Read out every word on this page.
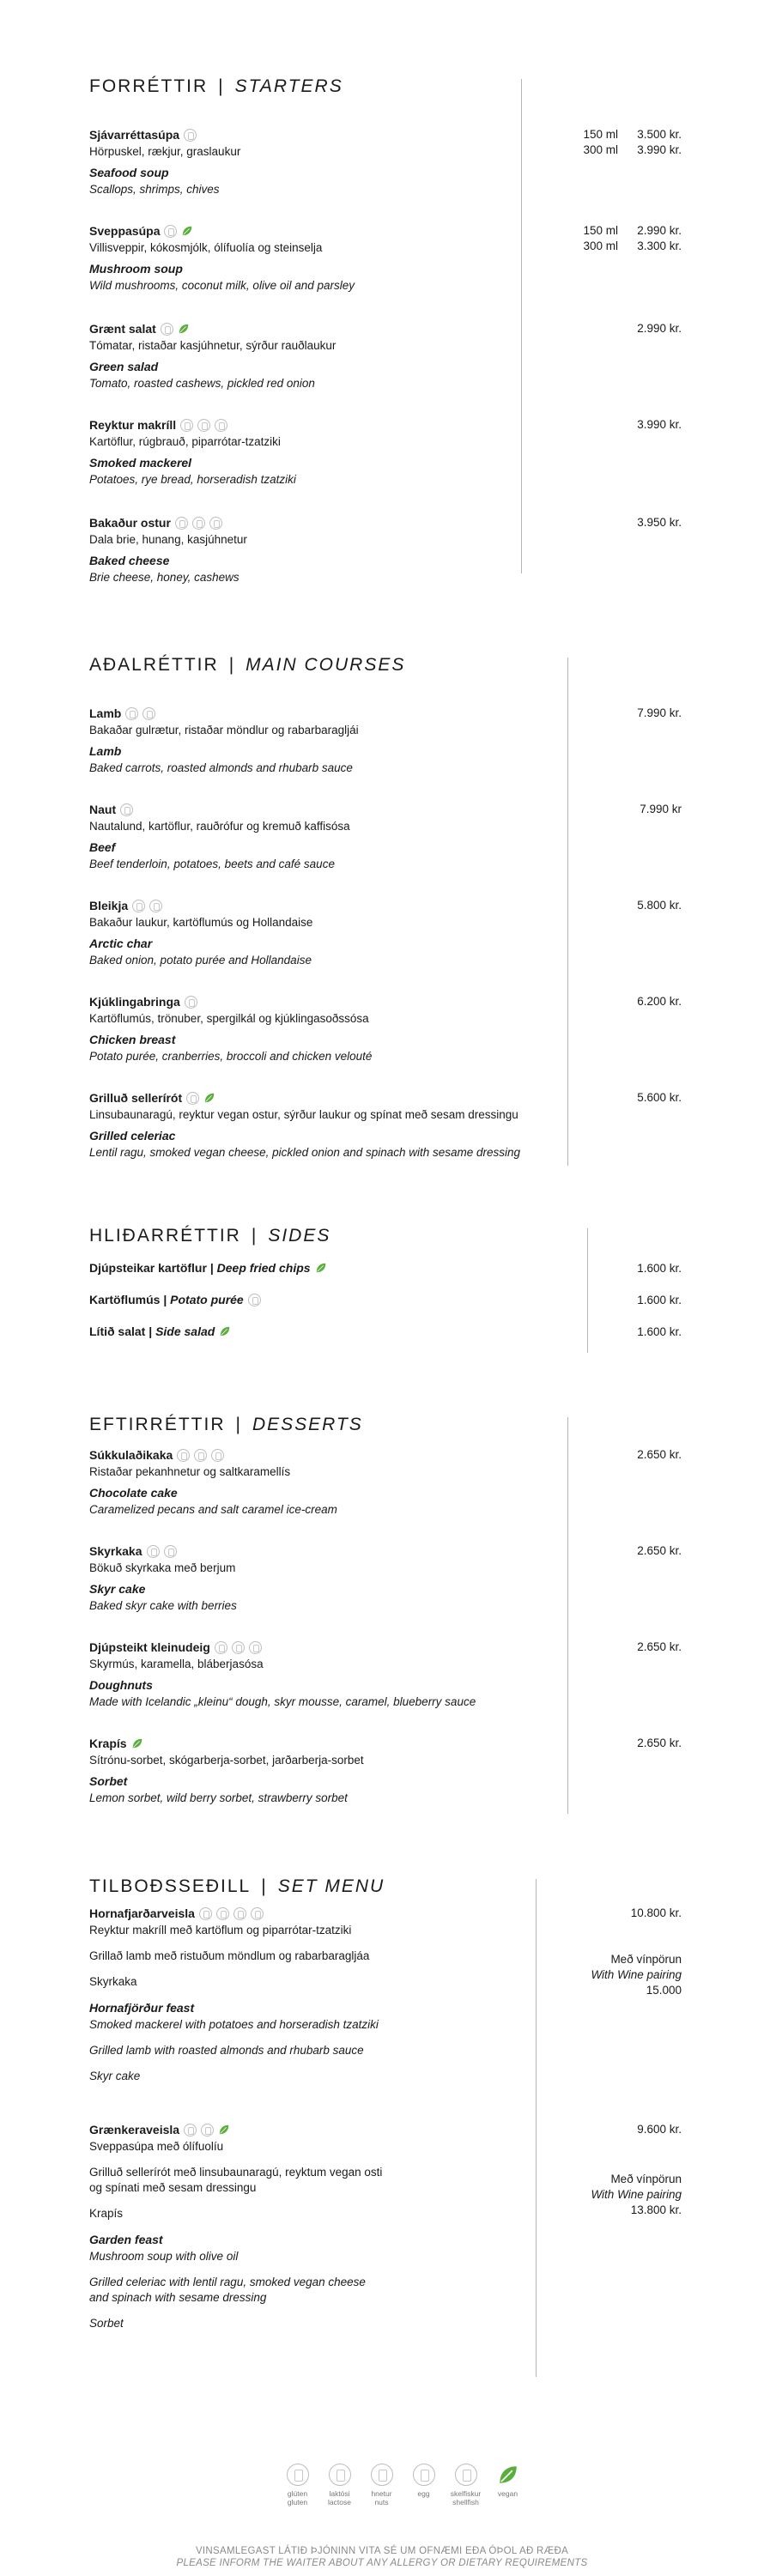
FORRÉTTIR | STARTERS
Sjávarréttasúpa
Hörpuskel, rækjur, graslaukur
Seafood soup
Scallops, shrimps, chives
150 ml 3.500 kr.
300 ml 3.990 kr.
Sveppasúpa
Villisveppir, kókosmjólk, ólífuolía og steinselja
Mushroom soup
Wild mushrooms, coconut milk, olive oil and parsley
150 ml 2.990 kr.
300 ml 3.300 kr.
Grænt salat
Tómatar, ristaðar kasjúhnetur, sýrður rauðlaukur
Green salad
Tomato, roasted cashews, pickled red onion
2.990 kr.
Reyktur makríll
Kartöflur, rúgbrauð, piparrótar-tzatziki
Smoked mackerel
Potatoes, rye bread, horseradish tzatziki
3.990 kr.
Bakaður ostur
Dala brie, hunang, kasjúhnetur
Baked cheese
Brie cheese, honey, cashews
3.950 kr.
AÐALRÉTTIR | MAIN COURSES
Lamb
Bakaðar gulrætur, ristaðar möndlur og rabarbaragljái
Lamb
Baked carrots, roasted almonds and rhubarb sauce
7.990 kr.
Naut
Nautalund, kartöflur, rauðrófur og kremuð kaffisósa
Beef
Beef tenderloin, potatoes, beets and café sauce
7.990 kr
Bleikja
Bakaður laukur, kartöflumús og Hollandaise
Arctic char
Baked onion, potato purée and Hollandaise
5.800 kr.
Kjúklingabringa
Kartöflumús, trönuber, spergilkál og kjúklingasoðssósa
Chicken breast
Potato purée, cranberries, broccoli and chicken velouté
6.200 kr.
Grilluð sellerírót
Linsubaunaragú, reyktur vegan ostur, sýrður laukur og spínat með sesam dressingu
Grilled celeriac
Lentil ragu, smoked vegan cheese, pickled onion and spinach with sesame dressing
5.600 kr.
HLIÐARRÉTTIR | SIDES
Djúpsteikar kartöflur | Deep fried chips	1.600 kr.
Kartöflumús | Potato purée	1.600 kr.
Lítið salat | Side salad	1.600 kr.
EFTIRRÉTTIR | DESSERTS
Súkkulaðikaka
Ristaðar pekanhnetur og saltkaramellís
Chocolate cake
Caramelized pecans and salt caramel ice-cream
2.650 kr.
Skyrkaka
Bökuð skyrkaka með berjum
Skyr cake
Baked skyr cake with berries
2.650 kr.
Djúpsteikt kleinudeig
Skyrmús, karamella, bláberjasósa
Doughnuts
Made with Icelandic „kleinu“ dough, skyr mousse, caramel, blueberry sauce
2.650 kr.
Krapís
Sítrónu-sorbet, skógarberja-sorbet, jarðarberja-sorbet
Sorbet
Lemon sorbet, wild berry sorbet, strawberry sorbet
2.650 kr.
TILBOÐSSEÐILL | SET MENU
Hornafjarðarveisla
Reyktur makríll með kartöflum og piparrótar-tzatziki
Grillað lamb með ristuðum möndlum og rabarbaragljáa
Skyrkaka
Hornafjörður feast
Smoked mackerel with potatoes and horseradish tzatziki
Grilled lamb with roasted almonds and rhubarb sauce
Skyr cake
10.800 kr.
Með vínpörun
With Wine pairing
15.000
Grænkeraveisla
Sveppasúpa með ólífuolíu
Grilluð sellerírót með linsubaunaragú, reyktum vegan osti
og spínati með sesam dressingu
Krapís
Garden feast
Mushroom soup with olive oil
Grilled celeriac with lentil ragu, smoked vegan cheese
and spinach with sesame dressing
Sorbet
9.600 kr.
Með vínpörun
With Wine pairing
13.800 kr.
glúten
gluten
laktósi
lactose
hnetur
nuts
egg	skelfiskur
shellfish
vegan
VINSAMLEGAST LÁTIÐ ÞJÓNINN VITA SÉ UM OFNÆMI EÐA ÓÞOL AÐ RÆÐA
PLEASE INFORM THE WAITER ABOUT ANY ALLERGY OR DIETARY REQUIREMENTS
